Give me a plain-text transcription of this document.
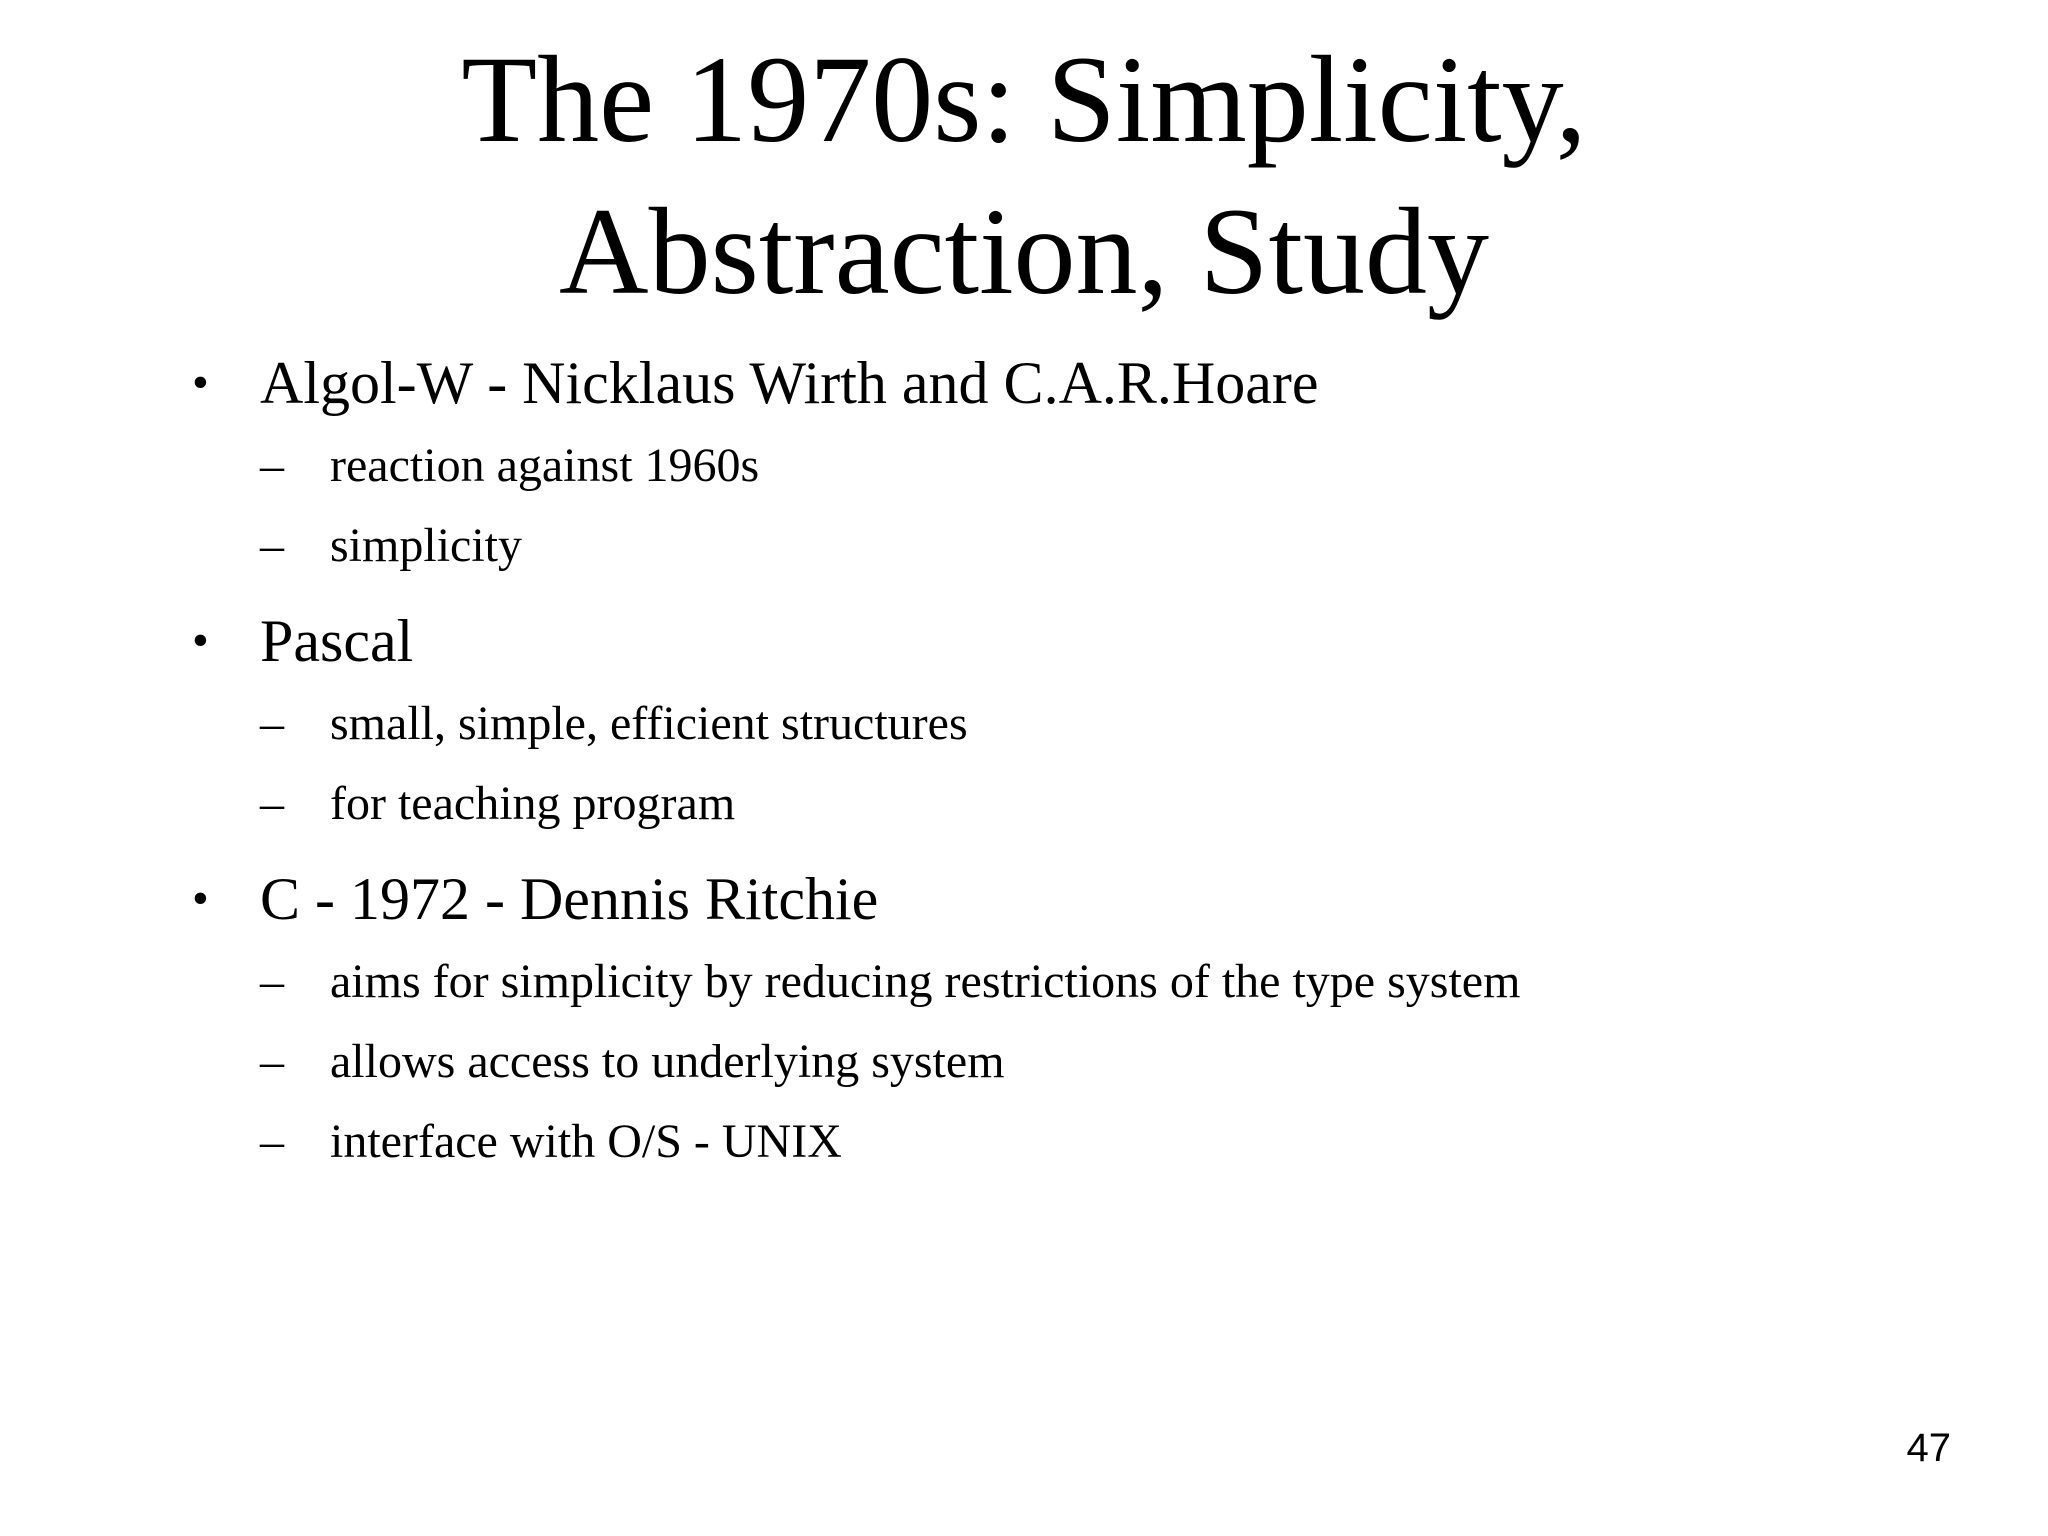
The 1970s: Simplicity,
Abstraction, Study
• Algol-W - Nicklaus Wirth and C.A.R.Hoare
– reaction against 1960s
– simplicity
• Pascal
– small, simple, efficient structures
– for teaching program
• C - 1972 - Dennis Ritchie
– aims for simplicity by reducing restrictions of the type system
– allows access to underlying system
– interface with O/S - UNIX
47
